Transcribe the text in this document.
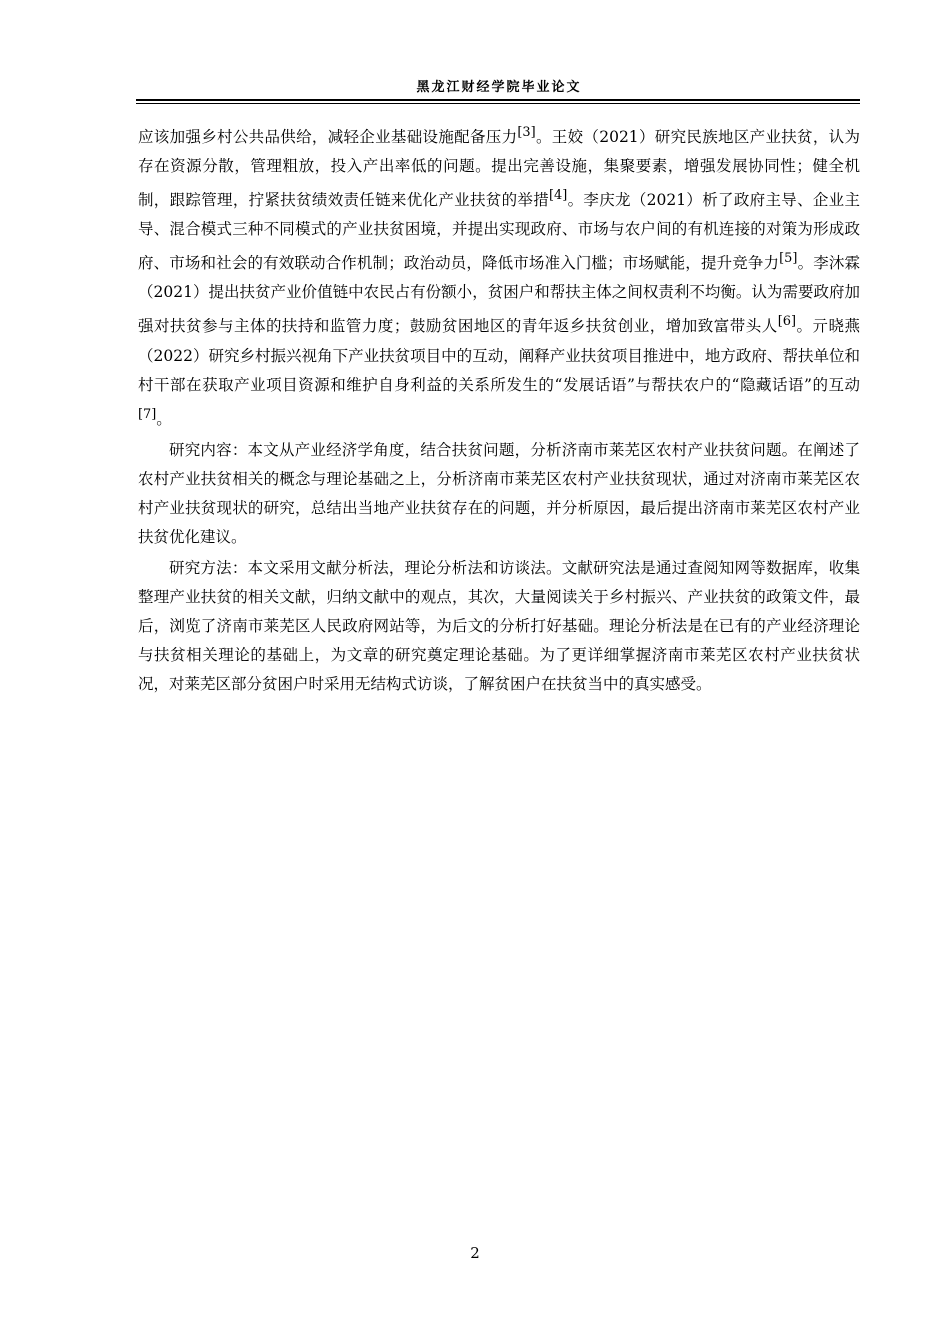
黑龙江财经学院毕业论文

应该加强乡村公共品供给，减轻企业基础设施配备压力[3]。王姣（2021）研究民族地区产业扶贫，认为存在资源分散，管理粗放，投入产出率低的问题。提出完善设施，集聚要素，增强发展协同性；健全机制，跟踪管理，拧紧扶贫绩效责任链来优化产业扶贫的举措[4]。李庆龙（2021）析了政府主导、企业主导、混合模式三种不同模式的产业扶贫困境，并提出实现政府、市场与农户间的有机连接的对策为形成政府、市场和社会的有效联动合作机制；政治动员，降低市场准入门槛；市场赋能，提升竞争力[5]。李沐霖（2021）提出扶贫产业价值链中农民占有份额小，贫困户和帮扶主体之间权责利不均衡。认为需要政府加强对扶贫参与主体的扶持和监管力度；鼓励贫困地区的青年返乡扶贫创业，增加致富带头人[6]。亓晓燕（2022）研究乡村振兴视角下产业扶贫项目中的互动，阐释产业扶贫项目推进中，地方政府、帮扶单位和村干部在获取产业项目资源和维护自身利益的关系所发生的“发展话语”与帮扶农户的“隐藏话语”的互动[7]。

研究内容：本文从产业经济学角度，结合扶贫问题，分析济南市莱芜区农村产业扶贫问题。在阐述了农村产业扶贫相关的概念与理论基础之上，分析济南市莱芜区农村产业扶贫现状，通过对济南市莱芜区农村产业扶贫现状的研究，总结出当地产业扶贫存在的问题，并分析原因，最后提出济南市莱芜区农村产业扶贫优化建议。

研究方法：本文采用文献分析法，理论分析法和访谈法。文献研究法是通过查阅知网等数据库，收集整理产业扶贫的相关文献，归纳文献中的观点，其次，大量阅读关于乡村振兴、产业扶贫的政策文件，最后，浏览了济南市莱芜区人民政府网站等，为后文的分析打好基础。理论分析法是在已有的产业经济理论与扶贫相关理论的基础上，为文章的研究奠定理论基础。为了更详细掌握济南市莱芜区农村产业扶贫状况，对莱芜区部分贫困户时采用无结构式访谈，了解贫困户在扶贫当中的真实感受。

2
